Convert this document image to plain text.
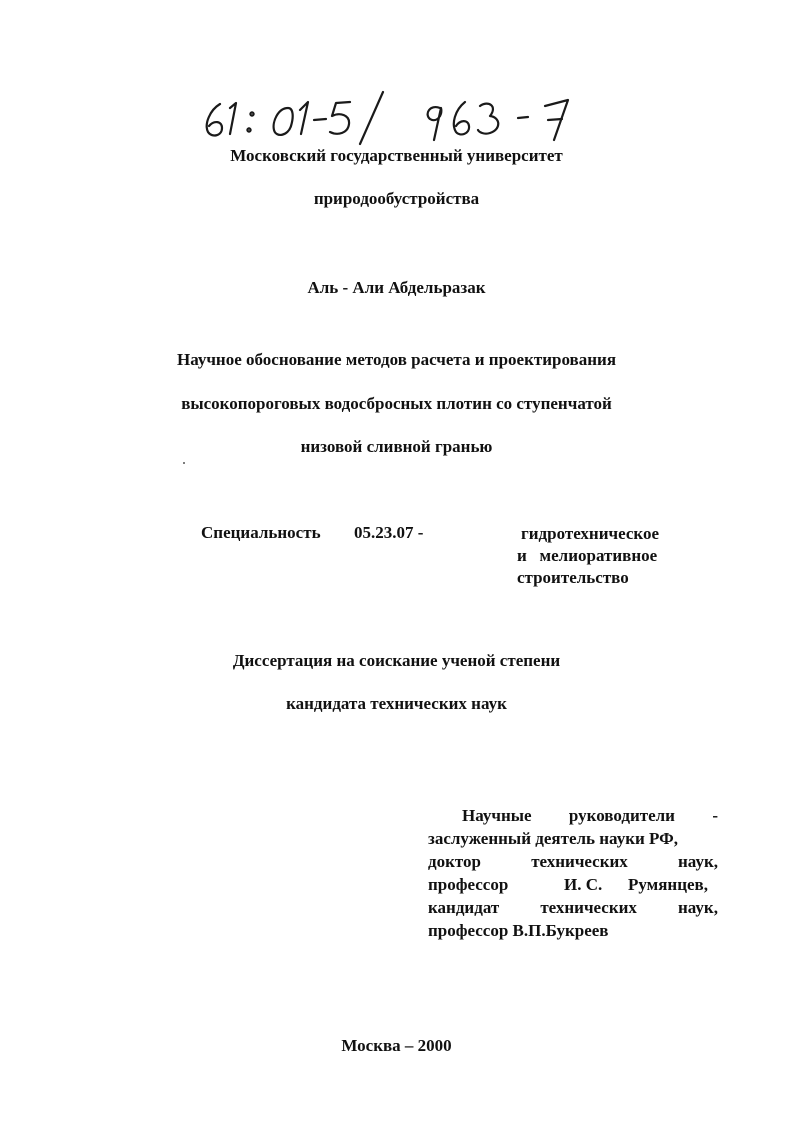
Московский государственный университет
природообустройства
Аль - Али Абдельразак
Научное обоснование методов расчета и проектирования
высокопороговых водосбросных плотин со ступенчатой
низовой сливной гранью
Специальность 05.23.07 -	гидротехническое
и   мелиоративное
строительство
Диссертация на соискание ученой степени
кандидата технических наук
Научные руководители -
заслуженный деятель науки РФ,
доктор	технических	наук,
профессор	И. С. Румянцев,
кандидат технических наук,
профессор В.П.Букреев
Москва – 2000
